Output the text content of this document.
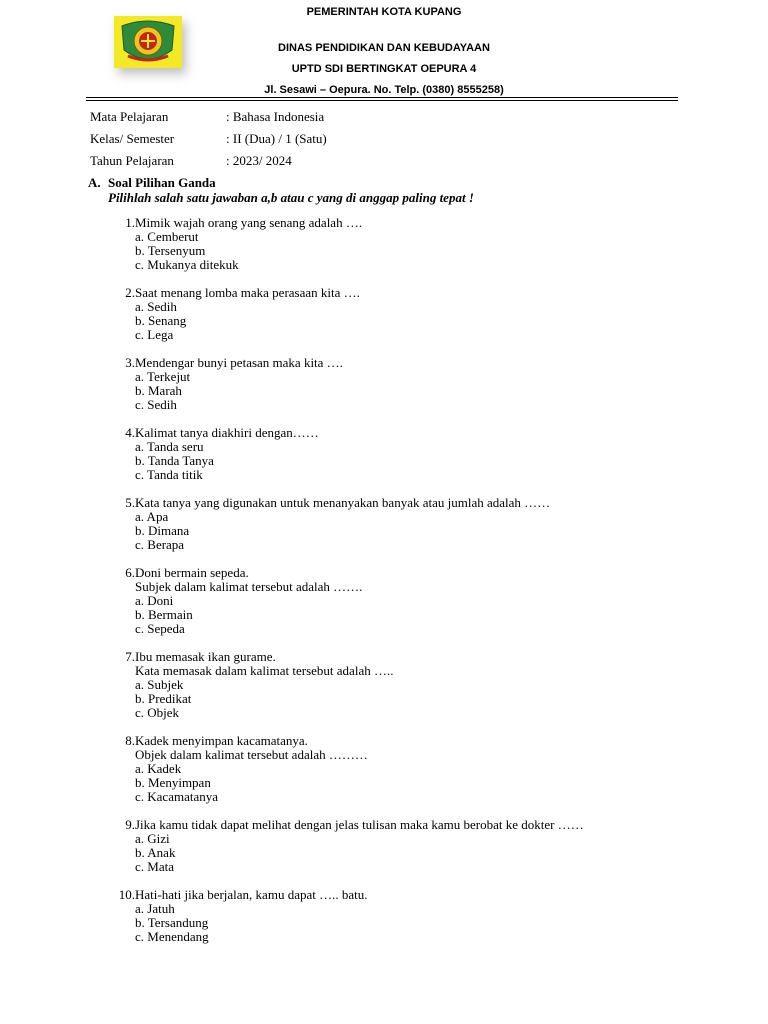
PEMERINTAH KOTA KUPANG
DINAS PENDIDIKAN DAN KEBUDAYAAN
UPTD SDI BERTINGKAT OEPURA 4
Jl. Sesawi – Oepura. No. Telp. (0380) 8555258)
Mata Pelajaran	: Bahasa Indonesia
Kelas/ Semester	: II (Dua) / 1 (Satu)
Tahun Pelajaran	: 2023/ 2024
A. Soal Pilihan Ganda
Pilihlah salah satu jawaban a,b atau c yang di anggap paling tepat !
1. Mimik wajah orang yang senang adalah ….
a. Cemberut
b. Tersenyum
c. Mukanya ditekuk
2. Saat menang lomba maka perasaan kita ….
a. Sedih
b. Senang
c. Lega
3. Mendengar bunyi petasan maka kita ….
a. Terkejut
b. Marah
c. Sedih
4. Kalimat tanya diakhiri dengan……
a. Tanda seru
b. Tanda Tanya
c. Tanda titik
5. Kata tanya yang digunakan untuk menanyakan banyak atau jumlah adalah ……
a. Apa
b. Dimana
c. Berapa
6. Doni bermain sepeda.
Subjek dalam kalimat tersebut adalah …….
a. Doni
b. Bermain
c. Sepeda
7. Ibu memasak ikan gurame.
Kata memasak dalam kalimat tersebut adalah …..
a. Subjek
b. Predikat
c. Objek
8. Kadek menyimpan kacamatanya.
Objek dalam kalimat tersebut adalah ………
a. Kadek
b. Menyimpan
c. Kacamatanya
9. Jika kamu tidak dapat melihat dengan jelas tulisan maka kamu berobat ke dokter ……
a. Gizi
b. Anak
c. Mata
10. Hati-hati jika berjalan, kamu dapat ….. batu.
a. Jatuh
b. Tersandung
c. Menendang
